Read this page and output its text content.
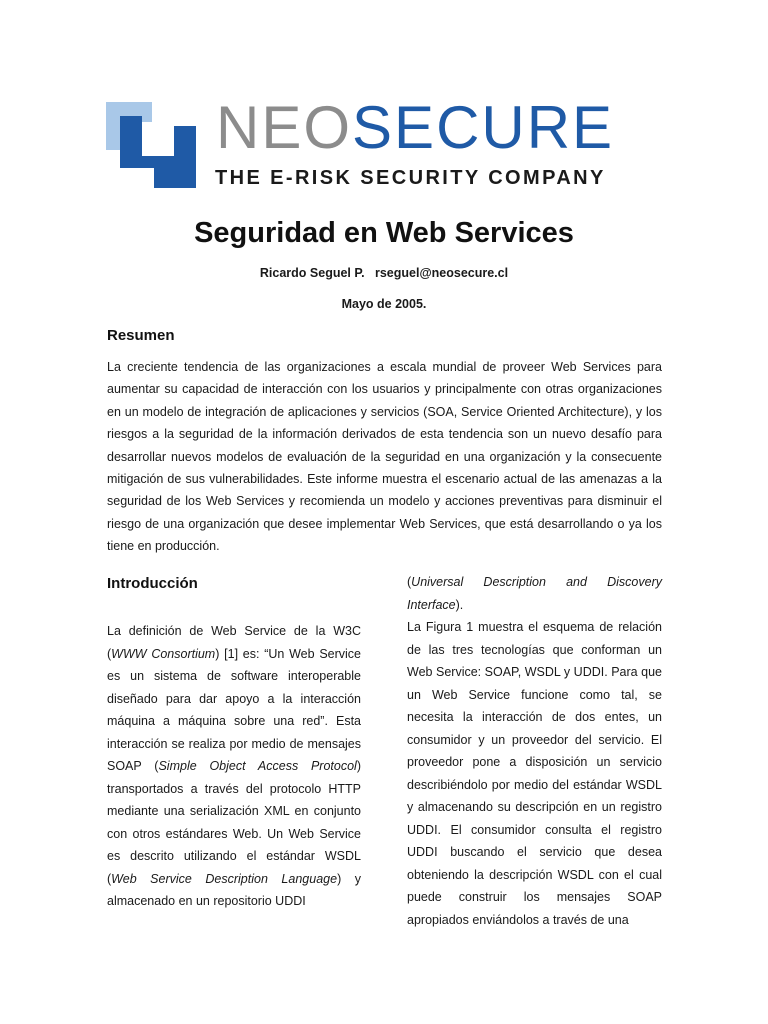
NEOSECURE
THE E-RISK SECURITY COMPANY
Seguridad en Web Services
Ricardo Seguel P.   rseguel@neosecure.cl
Mayo de 2005.
Resumen

La creciente tendencia de las organizaciones a escala mundial de proveer Web Services para aumentar su capacidad de interacción con los usuarios y principalmente con otras organizaciones en un modelo de integración de aplicaciones y servicios (SOA, Service Oriented Architecture), y los riesgos a la seguridad de la información derivados de esta tendencia son un nuevo desafío para desarrollar nuevos modelos de evaluación de la seguridad en una organización y la consecuente mitigación de sus vulnerabilidades. Este informe muestra el escenario actual de las amenazas a la seguridad de los Web Services y recomienda un modelo y acciones preventivas para disminuir el riesgo de una organización que desee implementar Web Services, que está desarrollando o ya los tiene en producción.

Introducción

La definición de Web Service de la W3C (WWW Consortium) [1] es: “Un Web Service es un sistema de software interoperable diseñado para dar apoyo a la interacción máquina a máquina sobre una red”. Esta interacción se realiza por medio de mensajes SOAP (Simple Object Access Protocol) transportados a través del protocolo HTTP mediante una serialización XML en conjunto con otros estándares Web. Un Web Service es descrito utilizando el estándar WSDL (Web Service Description Language) y almacenado en un repositorio UDDI

(Universal Description and Discovery Interface).

La Figura 1 muestra el esquema de relación de las tres tecnologías que conforman un Web Service: SOAP, WSDL y UDDI. Para que un Web Service funcione como tal, se necesita la interacción de dos entes, un consumidor y un proveedor del servicio. El proveedor pone a disposición un servicio describiéndolo por medio del estándar WSDL y almacenando su descripción en un registro UDDI. El consumidor consulta el registro UDDI buscando el servicio que desea obteniendo la descripción WSDL con el cual puede construir los mensajes SOAP apropiados enviándolos a través de una
